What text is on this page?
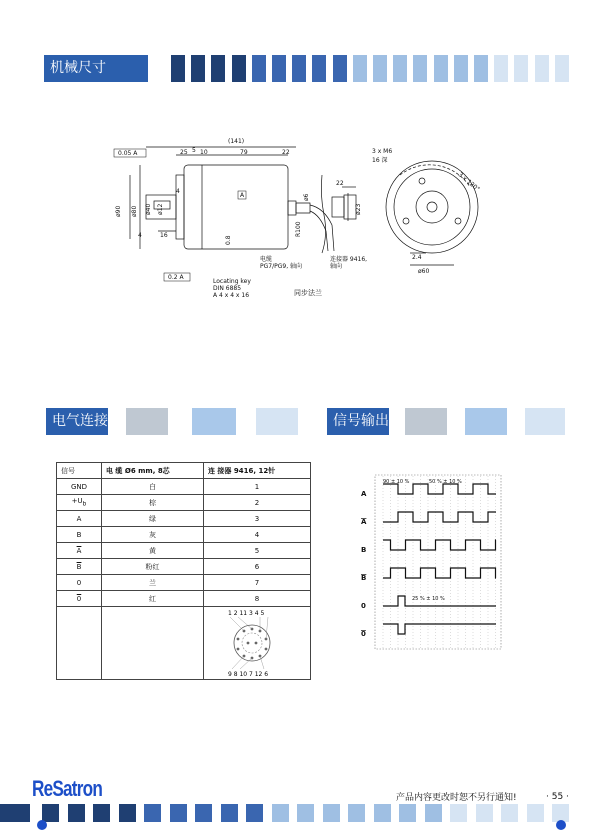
机械尺寸
0.05 A
(141)
25 5 10	79	22
22
ø90 ø80 ø40 ø12
4
4	16	0.8
ø6
R100
ø23
2.4
ø60
3 x M6
16 深
3 x 120°
A
电缆
PG7/PG9, 轴向
连接器 9416,
轴向
0.2 A
Locating key
DIN 6885
A 4 x 4 x 16	同步法兰
电气连接	信号输出
信号	电 缆 Ø6 mm, 8芯	连 接器 9416, 12针
GND	白	1
$+U_b$	棕	2
A	绿	3
B	灰	4
$\overline{A}$	黄	5
$\overline{B}$	粉红	6
0	兰	7
0	红	8

1 2 11 3 4 5
9 8 10 7 12 6
A
A
B
B
0
0
90 ± 10 %	50 % ± 10 %
25 % ± 10 %
ReSatron	产品内容更改时恕不另行通知!	· 55 ·
